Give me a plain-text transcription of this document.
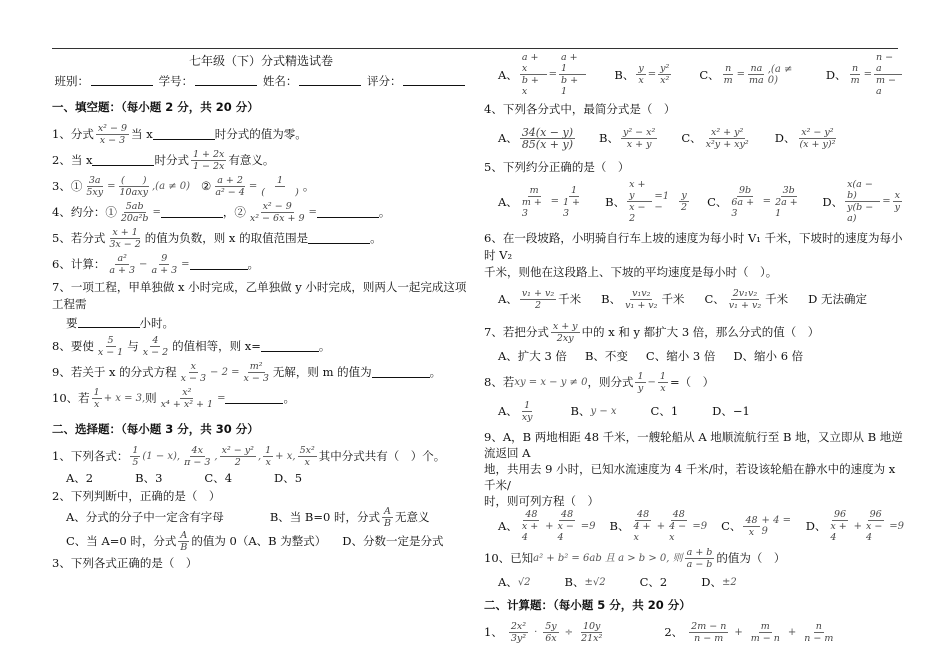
七年级（下）分式精选试卷
班别：	学号：	姓名：	评分：
一、填空题：（每小题 2 分，共 20 分）
1、分式 x² − 9
x − 3 当 x	时分式的值为零。
2、当 x	时分式 1 + 2x
1 − 2x 有意义。
3、① $\frac{3a}{5xy}$ =
(      )
10axy
,(a ≠ 0)
② $\frac{a + 2}{\text{a² − 4}}$ =
1
(          ) 。
4、约分：① $\frac{5ab}{\text{20a²b}}$ =	，② $\frac{\text{x² − 9}}{\text{x² − 6x + 9}}$ =	。
5、若分式 x + 1
3x − 2 的值为负数，则 x 的取值范围是	。
6、计算： a²
a + 3
− $\frac{9}{a + 3}$ =	。
7、一项工程，甲单独做 x 小时完成，乙单独做 y 小时完成，则两人一起完成这项工程需
要	小时。
8、要使 5
x − 1 与 4
x − 2 的值相等，则 x=	。
9、若关于 x 的分式方程 x
x − 3
− $2 = \frac{\text{m²}}{x - 3}$ 无解，则 m 的值为	。
10、若 1
x
+ x = 3, 则 $\frac{\text{x²}}{\text{x⁴ + x² + 1}}$ =	。
二、选择题：（每小题 3 分，共 30 分）
1、下列各式： 1
5
(1 − x),
4x
π − 3
,
x² − y²
2
,
1
x
+ x,
5x²
x 其中分式共有（　）个。
A、2	B、3	C、4	D、5
2、下列判断中，正确的是（　）
A、分式的分子中一定含有字母	B、当 B=0 时，分式 A
B 无意义
C、当 A=0 时，分式 A
B 的值为 0（A、B 为整式） D、分数一定是分式
3、下列各式正确的是（　）
A、 $\frac{a + x}{b + x} = \frac{a + 1}{b + 1}$ B、 $\frac{y}{x} = \frac{\text{y²}}{\text{x²}}$ C、 $\frac{n}{m} = \frac{na}{ma} ,(a \ne 0)$	D、 $\frac{n}{m} = \frac{n - a}{m - a}$
4、下列各分式中，最简分式是（　）
A、 34(x − y)
85(x + y) B、 y² − x²
x + y	C、 x² + y²
x²y + xy² D、 x² − y²
(x + y)²
5、下列约分正确的是（　）
A、 $\frac{m}{m + 3} = \frac{1}{1 + 3}$ B、 $\frac{x + y}{x - 2} =1$ −	$\frac{y}{2}$ C、 $\frac{9b}{6a + 3} = \frac{3b}{2a + 1}$ D、 $\frac{x(a - b)}{y(b - a)} = \frac{x}{y}$
6、在一段坡路，小明骑自行车上坡的速度为每小时 V₁ 千米，下坡时的速度为每小时 V₂
千米，则他在这段路上、下坡的平均速度是每小时（　）。
A、 v₁ + v₂
2 千米 B、 v₁v₂
v₁ + v₂ 千米 C、 2v₁v₂
v₁ + v₂ 千米 D 无法确定
7、若把分式 x + y
2xy 中的 x 和 y 都扩大 3 倍，那么分式的值（　）
A、扩大 3 倍 B、不变 C、缩小 3 倍 D、缩小 6 倍
8、若 xy = x − y ≠ 0 ，则分式 1
y
− $\frac{1}{x}$ =（　）
A、 1
xy	B、 y − x	C、1	D、−1
9、A，B 两地相距 48 千米，一艘轮船从 A 地顺流航行至 B 地，又立即从 B 地逆流返回 A
地，共用去 9 小时，已知水流速度为 4 千米/时，若设该轮船在静水中的速度为 x 千米/
时，则可列方程（　）
A、
48
x + 4
+ $\frac{48}{x - 4} =9$ B、
48
4 + x
+ $\frac{48}{4 - x} =9$ C、 48
x
+ 4 = 9	D、
96
x + 4
+ $\frac{96}{x - 4} =9$
10、已知 a² + b² = 6ab 且 a > b > 0, 则
a + b
a − b 的值为（　）
A、 √2	B、 ±√2	C、2	D、 ±2
二、计算题：（每小题 5 分，共 20 分）
1、 2x²
3y²
· $\frac{5y}{6x} \div \frac{10y}{\text{21x²}}$	2、 2m − n
n − m
+ $\frac{m}{m - n} + \frac{n}{n - m}$
